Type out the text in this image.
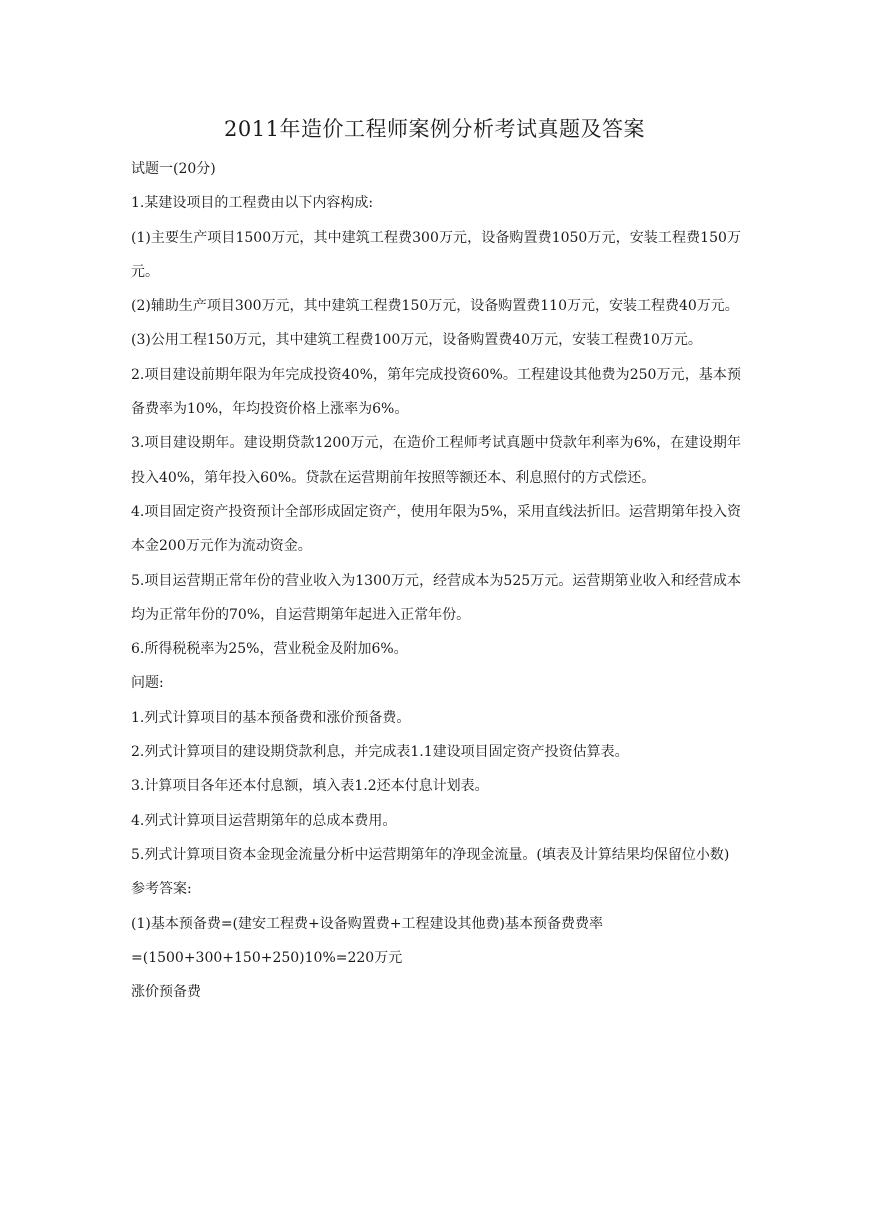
2011年造价工程师案例分析考试真题及答案

试题一(20分)

1.某建设项目的工程费由以下内容构成:

(1)主要生产项目1500万元，其中建筑工程费300万元，设备购置费1050万元，安装工程费150万元。

(2)辅助生产项目300万元，其中建筑工程费150万元，设备购置费110万元，安装工程费40万元。

(3)公用工程150万元，其中建筑工程费100万元，设备购置费40万元，安装工程费10万元。

2.项目建设前期年限为年完成投资40%，第年完成投资60%。工程建设其他费为250万元，基本预备费率为10%，年均投资价格上涨率为6%。

3.项目建设期年。建设期贷款1200万元，在造价工程师考试真题中贷款年利率为6%，在建设期年投入40%，第年投入60%。贷款在运营期前年按照等额还本、利息照付的方式偿还。

4.项目固定资产投资预计全部形成固定资产，使用年限为5%，采用直线法折旧。运营期第年投入资本金200万元作为流动资金。

5.项目运营期正常年份的营业收入为1300万元，经营成本为525万元。运营期第业收入和经营成本均为正常年份的70%，自运营期第年起进入正常年份。

6.所得税税率为25%，营业税金及附加6%。

问题:

1.列式计算项目的基本预备费和涨价预备费。

2.列式计算项目的建设期贷款利息，并完成表1.1建设项目固定资产投资估算表。

3.计算项目各年还本付息额，填入表1.2还本付息计划表。

4.列式计算项目运营期第年的总成本费用。

5.列式计算项目资本金现金流量分析中运营期第年的净现金流量。(填表及计算结果均保留位小数)

参考答案:

(1)基本预备费=(建安工程费+设备购置费+工程建设其他费)基本预备费费率

=(1500+300+150+250)10%=220万元

涨价预备费
